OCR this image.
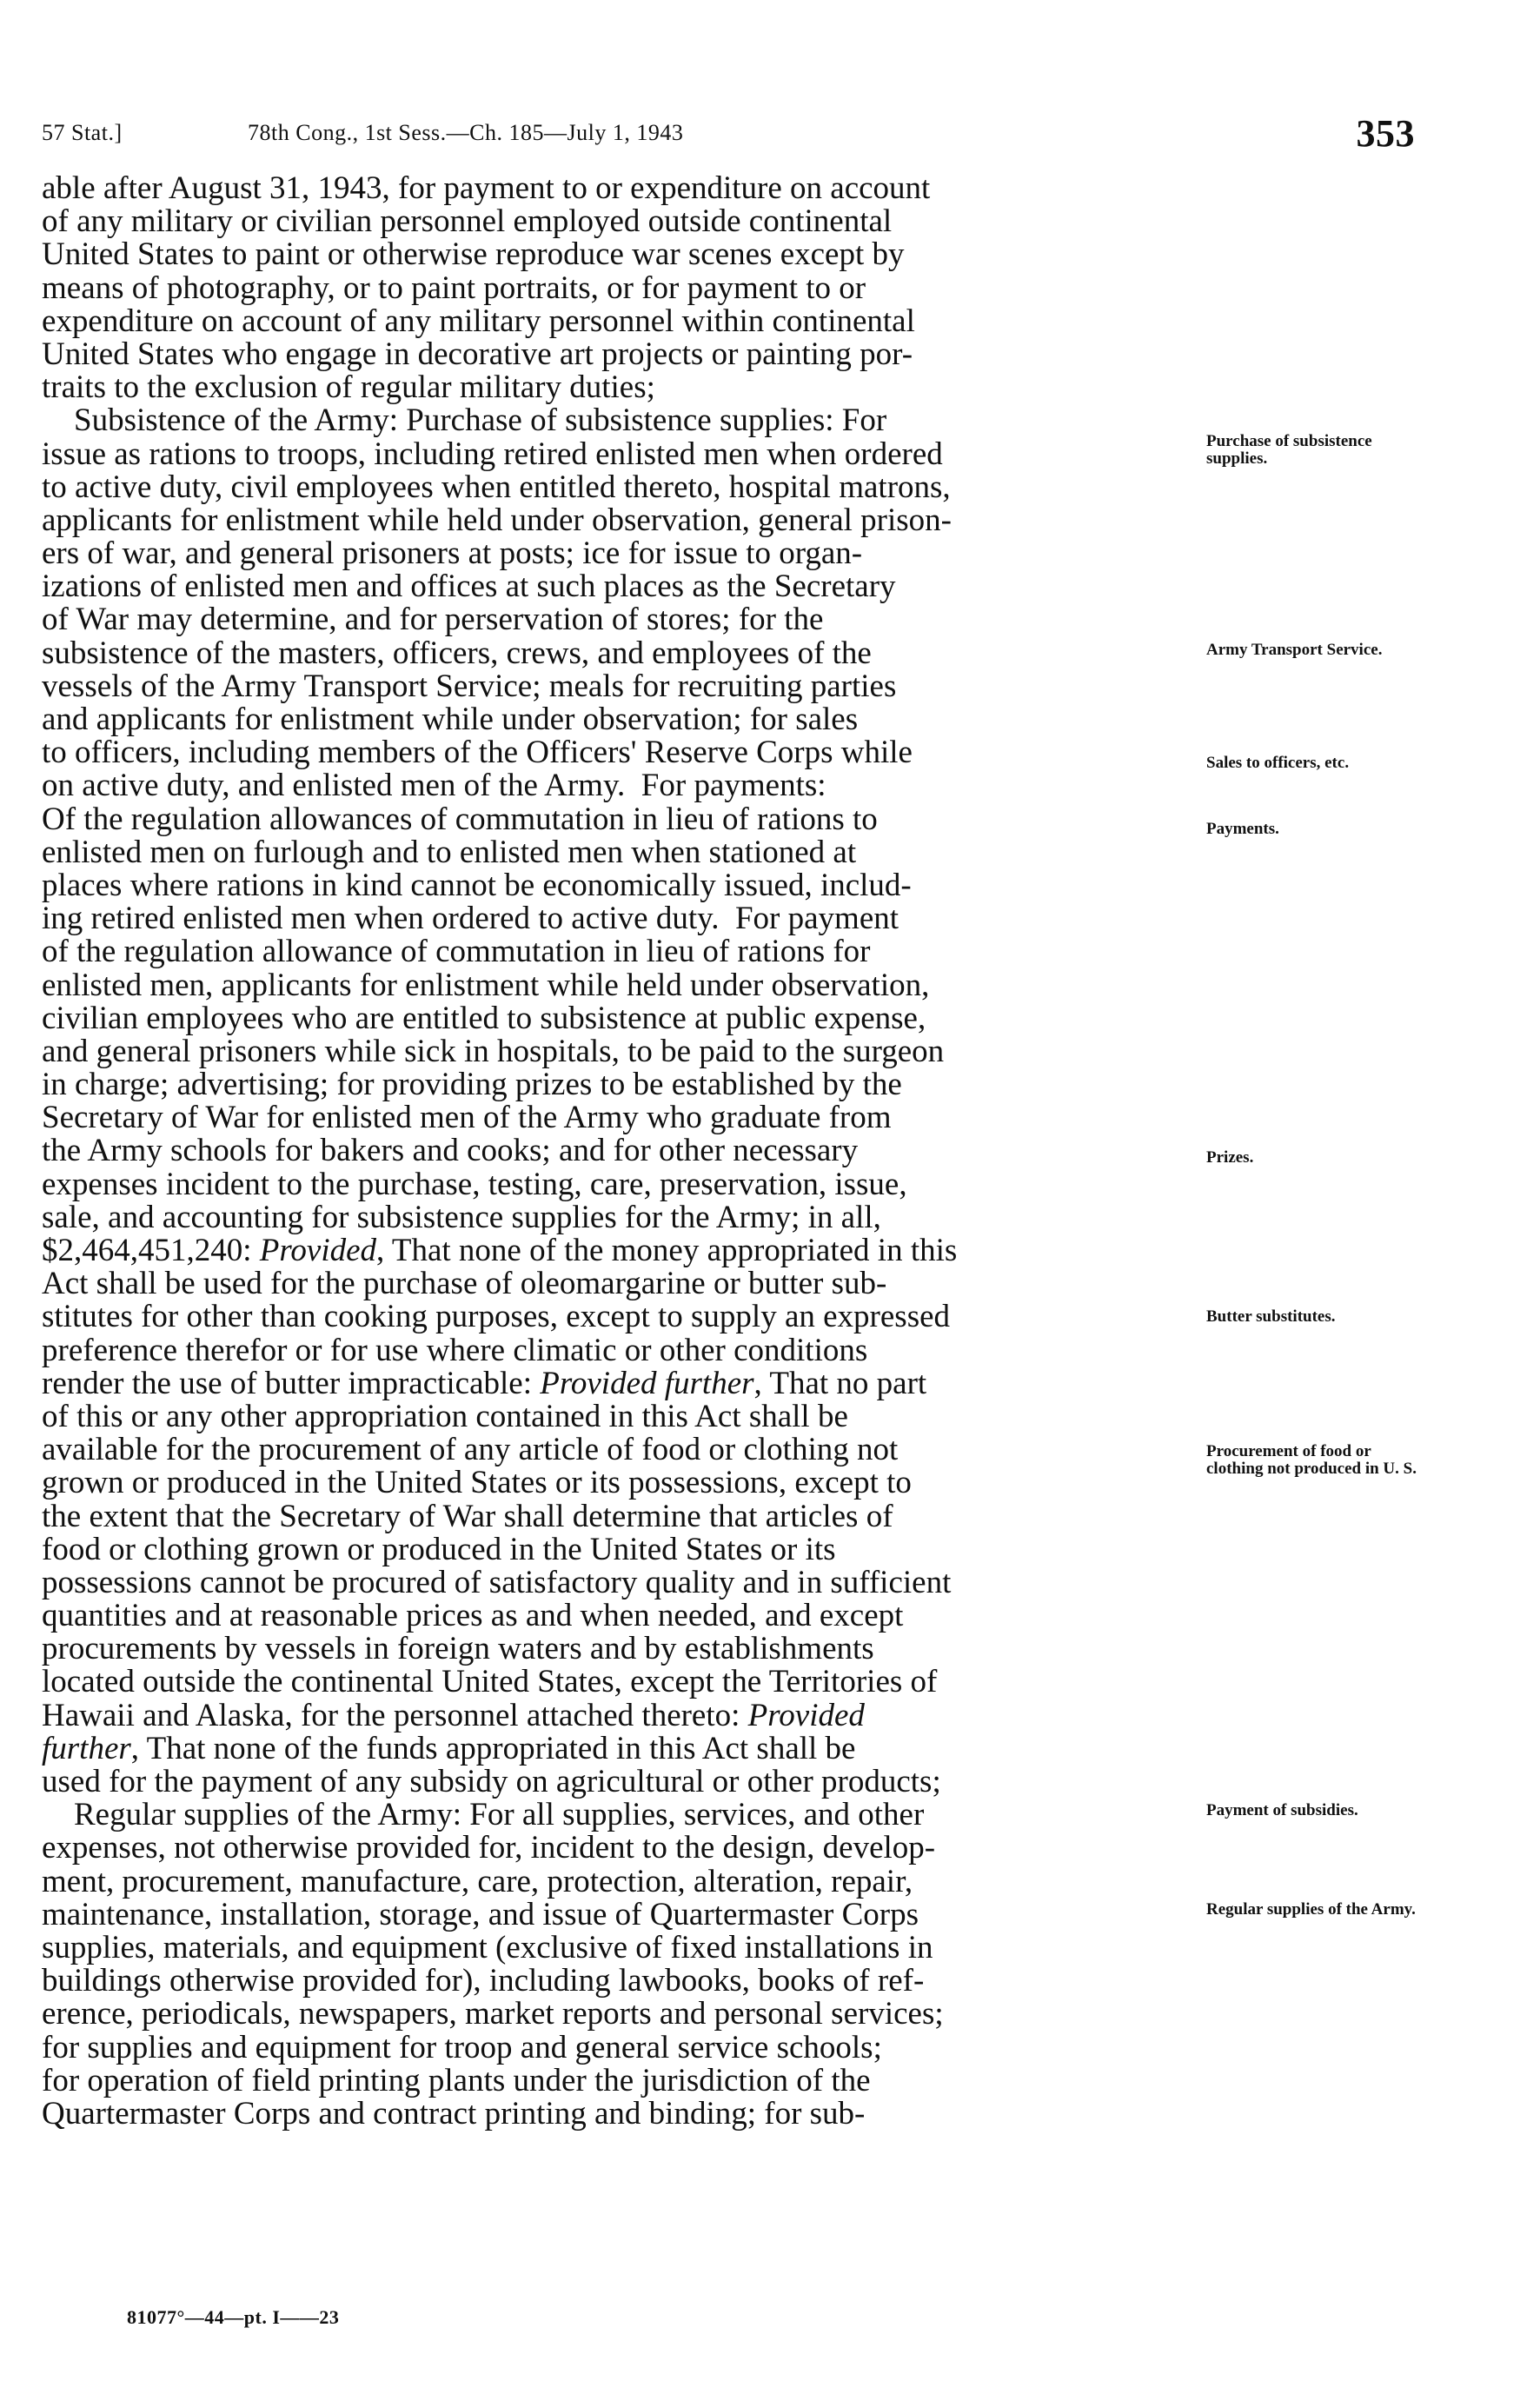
57 Stat.]	78th Cong., 1st Sess.—Ch. 185—July 1, 1943	353
able after August 31, 1943, for payment to or expenditure on account
of any military or civilian personnel employed outside continental
United States to paint or otherwise reproduce war scenes except by
means of photography, or to paint portraits, or for payment to or
expenditure on account of any military personnel within continental
United States who engage in decorative art projects or painting por-
traits to the exclusion of regular military duties;
Subsistence of the Army: Purchase of subsistence supplies: For
issue as rations to troops, including retired enlisted men when ordered
to active duty, civil employees when entitled thereto, hospital matrons,
applicants for enlistment while held under observation, general prison-
ers of war, and general prisoners at posts; ice for issue to organ-
izations of enlisted men and offices at such places as the Secretary
of War may determine, and for perservation of stores; for the
subsistence of the masters, officers, crews, and employees of the
vessels of the Army Transport Service; meals for recruiting parties
and applicants for enlistment while under observation; for sales
to officers, including members of the Officers' Reserve Corps while
on active duty, and enlisted men of the Army.  For payments:
Of the regulation allowances of commutation in lieu of rations to
enlisted men on furlough and to enlisted men when stationed at
places where rations in kind cannot be economically issued, includ-
ing retired enlisted men when ordered to active duty.  For payment
of the regulation allowance of commutation in lieu of rations for
enlisted men, applicants for enlistment while held under observation,
civilian employees who are entitled to subsistence at public expense,
and general prisoners while sick in hospitals, to be paid to the surgeon
in charge; advertising; for providing prizes to be established by the
Secretary of War for enlisted men of the Army who graduate from
the Army schools for bakers and cooks; and for other necessary
expenses incident to the purchase, testing, care, preservation, issue,
sale, and accounting for subsistence supplies for the Army; in all,
$2,464,451,240: Provided, That none of the money appropriated in this
Act shall be used for the purchase of oleomargarine or butter sub-
stitutes for other than cooking purposes, except to supply an expressed
preference therefor or for use where climatic or other conditions
render the use of butter impracticable: Provided further, That no part
of this or any other appropriation contained in this Act shall be
available for the procurement of any article of food or clothing not
grown or produced in the United States or its possessions, except to
the extent that the Secretary of War shall determine that articles of
food or clothing grown or produced in the United States or its
possessions cannot be procured of satisfactory quality and in sufficient
quantities and at reasonable prices as and when needed, and except
procurements by vessels in foreign waters and by establishments
located outside the continental United States, except the Territories of
Hawaii and Alaska, for the personnel attached thereto: Provided
further, That none of the funds appropriated in this Act shall be
used for the payment of any subsidy on agricultural or other products;
Regular supplies of the Army: For all supplies, services, and other
expenses, not otherwise provided for, incident to the design, develop-
ment, procurement, manufacture, care, protection, alteration, repair,
maintenance, installation, storage, and issue of Quartermaster Corps
supplies, materials, and equipment (exclusive of fixed installations in
buildings otherwise provided for), including lawbooks, books of ref-
erence, periodicals, newspapers, market reports and personal services;
for supplies and equipment for troop and general service schools;
for operation of field printing plants under the jurisdiction of the
Quartermaster Corps and contract printing and binding; for sub-
Purchase of subsistence supplies.
Army Transport Service.
Sales to officers, etc.
Payments.
Prizes.
Butter substitutes.
Procurement of food or clothing not produced in U. S.
Payment of subsidies.
Regular supplies of the Army.
81077°—44—pt. I——23
